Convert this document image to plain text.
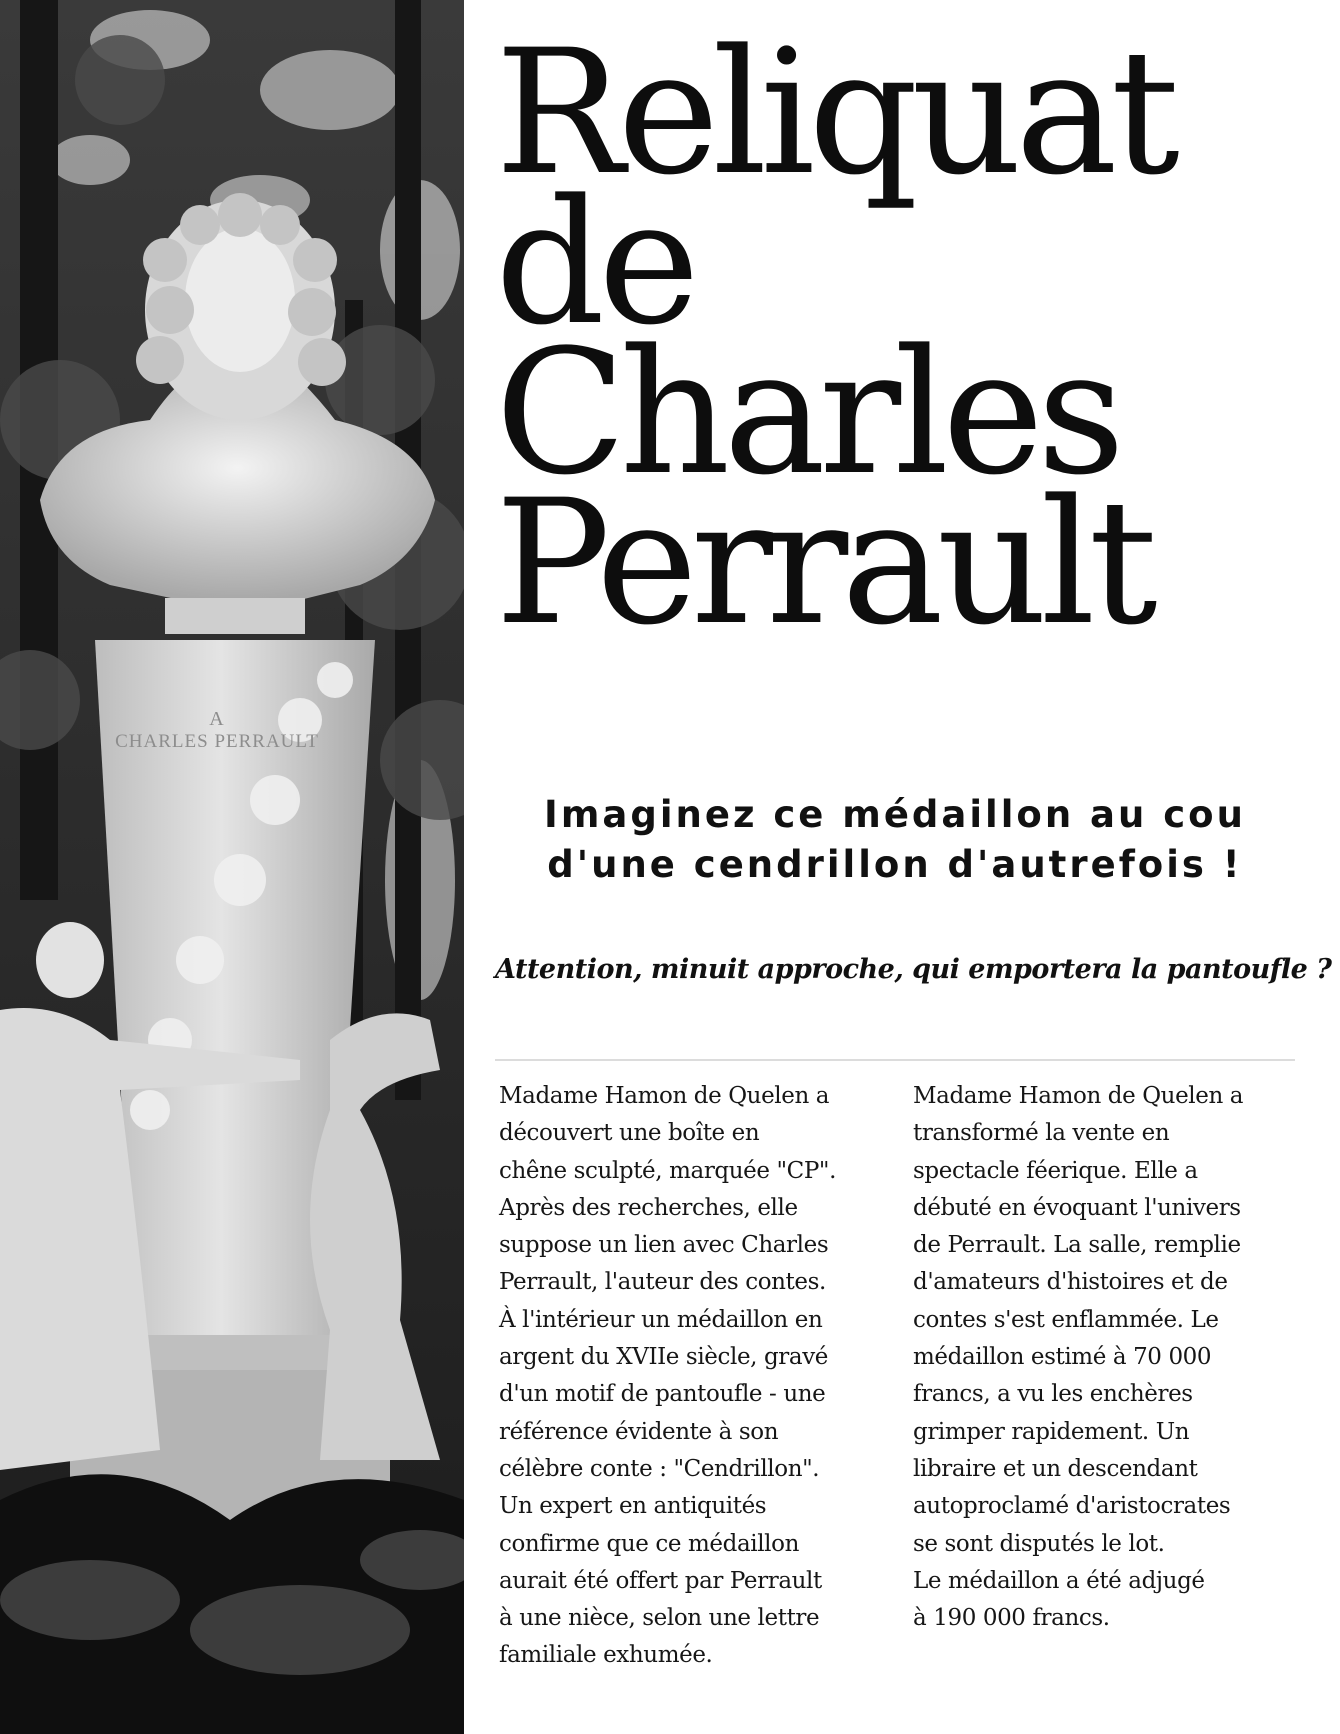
A
CHARLES PERRAULT
Reliquat
de
Charles
Perrault
Imaginez ce médaillon au cou
d'une cendrillon d'autrefois !

Attention, minuit approche, qui emportera la pantoufle ?

Madame Hamon de Quelen a
découvert une boîte en
chêne sculpté, marquée "CP".
Après des recherches, elle
suppose un lien avec Charles
Perrault, l'auteur des contes.
À l'intérieur un médaillon en
argent du XVIIe siècle, gravé
d'un motif de pantoufle - une
référence évidente à son
célèbre conte : "Cendrillon".
Un expert en antiquités
confirme que ce médaillon
aurait été offert par Perrault
à une nièce, selon une lettre
familiale exhumée.
Madame Hamon de Quelen a
transformé la vente en
spectacle féerique. Elle a
débuté en évoquant l'univers
de Perrault. La salle, remplie
d'amateurs d'histoires et de
contes s'est enflammée. Le
médaillon estimé à 70 000
francs, a vu les enchères
grimper rapidement. Un
libraire et un descendant
autoproclamé d'aristocrates
se sont disputés le lot.
Le médaillon a été adjugé
à 190 000 francs.
